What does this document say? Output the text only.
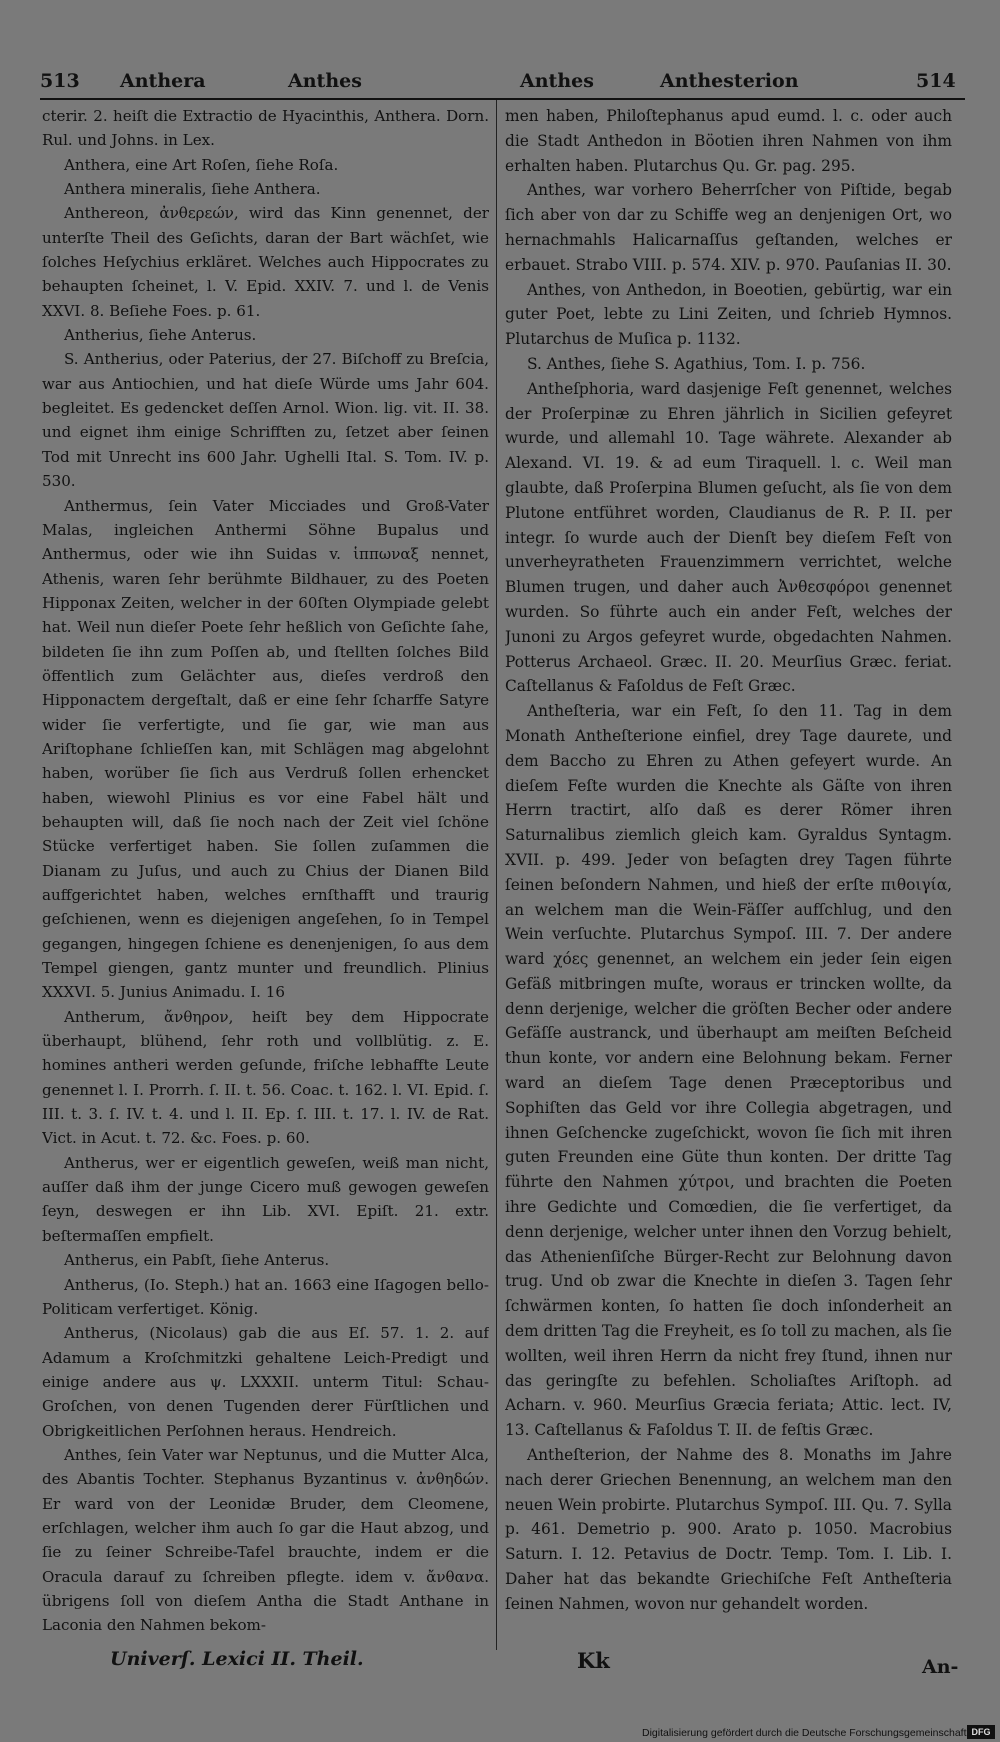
513 Anthera	Anthes	Anthes	Anthesterion	514

cterir. 2. heiſt die Extractio de Hyacinthis, Anthera. Dorn. Rul. und Johns. in Lex.

Anthera, eine Art Roſen, ſiehe Roſa.

Anthera mineralis, ſiehe Anthera.

Anthereon, ἀνθερεών, wird das Kinn genennet, der unterſte Theil des Geſichts, daran der Bart wächſet, wie ſolches Heſychius erkläret. Welches auch Hippocrates zu behaupten ſcheinet, l. V. Epid. XXIV. 7. und l. de Venis XXVI. 8. Beſiehe Foes. p. 61.

Antherius, ſiehe Anterus.

S. Antherius, oder Paterius, der 27. Biſchoff zu Breſcia, war aus Antiochien, und hat dieſe Würde ums Jahr 604. begleitet. Es gedencket deſſen Arnol. Wion. lig. vit. II. 38. und eignet ihm einige Schrifften zu, ſetzet aber ſeinen Tod mit Unrecht ins 600 Jahr. Ughelli Ital. S. Tom. IV. p. 530.

Anthermus, ſein Vater Micciades und Groß-Vater Malas, ingleichen Anthermi Söhne Bupalus und Anthermus, oder wie ihn Suidas v. ἱππωναξ nennet, Athenis, waren ſehr berühmte Bildhauer, zu des Poeten Hipponax Zeiten, welcher in der 60ſten Olympiade gelebt hat. Weil nun dieſer Poete ſehr heßlich von Geſichte ſahe, bildeten ſie ihn zum Poſſen ab, und ſtellten ſolches Bild öffentlich zum Gelächter aus, dieſes verdroß den Hipponactem dergeſtalt, daß er eine ſehr ſcharffe Satyre wider ſie verfertigte, und ſie gar, wie man aus Ariſtophane ſchlieſſen kan, mit Schlägen mag abgelohnt haben, worüber ſie ſich aus Verdruß ſollen erhencket haben, wiewohl Plinius es vor eine Fabel hält und behaupten will, daß ſie noch nach der Zeit viel ſchöne Stücke verfertiget haben. Sie ſollen zuſammen die Dianam zu Juſus, und auch zu Chius der Dianen Bild auffgerichtet haben, welches ernſthafft und traurig geſchienen, wenn es diejenigen angeſehen, ſo in Tempel gegangen, hingegen ſchiene es denenjenigen, ſo aus dem Tempel giengen, gantz munter und freundlich. Plinius XXXVI. 5. Junius Animadu. I. 16

Antherum, ἄνθηρον, heiſt bey dem Hippocrate überhaupt, blühend, ſehr roth und vollblütig. z. E. homines antheri werden geſunde, friſche lebhaffte Leute genennet l. I. Prorrh. ſ. II. t. 56. Coac. t. 162. l. VI. Epid. ſ. III. t. 3. ſ. IV. t. 4. und l. II. Ep. ſ. III. t. 17. l. IV. de Rat. Vict. in Acut. t. 72. &c. Foes. p. 60.

Antherus, wer er eigentlich geweſen, weiß man nicht, auſſer daß ihm der junge Cicero muß gewogen geweſen ſeyn, deswegen er ihn Lib. XVI. Epiſt. 21. extr. beſtermaſſen empfielt.

Antherus, ein Pabſt, ſiehe Anterus.

Antherus, (Io. Steph.) hat an. 1663 eine Iſagogen bello-Politicam verfertiget. König.

Antherus, (Nicolaus) gab die aus Eſ. 57. 1. 2. auf Adamum a Kroſchmitzki gehaltene Leich-Predigt und einige andere aus ψ. LXXXII. unterm Titul: Schau-Groſchen, von denen Tugenden derer Fürſtlichen und Obrigkeitlichen Perſohnen heraus. Hendreich.

Anthes, ſein Vater war Neptunus, und die Mutter Alca, des Abantis Tochter. Stephanus Byzantinus v. ἀνθηδών. Er ward von der Leonidæ Bruder, dem Cleomene, erſchlagen, welcher ihm auch ſo gar die Haut abzog, und ſie zu ſeiner Schreibe-Tafel brauchte, indem er die Oracula darauf zu ſchreiben pflegte. idem v. ἄνθανα. übrigens ſoll von dieſem Antha die Stadt Anthane in Laconia den Nahmen bekom-

men haben, Philoſtephanus apud eumd. l. c. oder auch die Stadt Anthedon in Böotien ihren Nahmen von ihm erhalten haben. Plutarchus Qu. Gr. pag. 295.

Anthes, war vorhero Beherrſcher von Piſtide, begab ſich aber von dar zu Schiffe weg an denjenigen Ort, wo hernachmahls Halicarnaſſus geſtanden, welches er erbauet. Strabo VIII. p. 574. XIV. p. 970. Pauſanias II. 30.

Anthes, von Anthedon, in Boeotien, gebürtig, war ein guter Poet, lebte zu Lini Zeiten, und ſchrieb Hymnos. Plutarchus de Muſica p. 1132.

S. Anthes, ſiehe S. Agathius, Tom. I. p. 756.

Antheſphoria, ward dasjenige Feſt genennet, welches der Proſerpinæ zu Ehren jährlich in Sicilien gefeyret wurde, und allemahl 10. Tage währete. Alexander ab Alexand. VI. 19. & ad eum Tiraquell. l. c. Weil man glaubte, daß Proſerpina Blumen geſucht, als ſie von dem Plutone entführet worden, Claudianus de R. P. II. per integr. ſo wurde auch der Dienſt bey dieſem Feſt von unverheyratheten Frauenzimmern verrichtet, welche Blumen trugen, und daher auch Ἀνθεσφόροι genennet wurden. So führte auch ein ander Feſt, welches der Junoni zu Argos gefeyret wurde, obgedachten Nahmen. Potterus Archaeol. Græc. II. 20. Meurſius Græc. feriat. Caſtellanus & Faſoldus de Feſt Græc.

Antheſteria, war ein Feſt, ſo den 11. Tag in dem Monath Antheſterione einfiel, drey Tage daurete, und dem Baccho zu Ehren zu Athen gefeyert wurde. An dieſem Feſte wurden die Knechte als Gäſte von ihren Herrn tractirt, alſo daß es derer Römer ihren Saturnalibus ziemlich gleich kam. Gyraldus Syntagm. XVII. p. 499. Jeder von beſagten drey Tagen führte ſeinen beſondern Nahmen, und hieß der erſte πιθοιγία, an welchem man die Wein-Fäſſer aufſchlug, und den Wein verſuchte. Plutarchus Sympoſ. III. 7. Der andere ward χόες genennet, an welchem ein jeder ſein eigen Gefäß mitbringen muſte, woraus er trincken wollte, da denn derjenige, welcher die gröſten Becher oder andere Gefäſſe austranck, und überhaupt am meiſten Beſcheid thun konte, vor andern eine Belohnung bekam. Ferner ward an dieſem Tage denen Præceptoribus und Sophiſten das Geld vor ihre Collegia abgetragen, und ihnen Geſchencke zugeſchickt, wovon ſie ſich mit ihren guten Freunden eine Güte thun konten. Der dritte Tag führte den Nahmen χύτροι, und brachten die Poeten ihre Gedichte und Comœdien, die ſie verfertiget, da denn derjenige, welcher unter ihnen den Vorzug behielt, das Athenienſiſche Bürger-Recht zur Belohnung davon trug. Und ob zwar die Knechte in dieſen 3. Tagen ſehr ſchwärmen konten, ſo hatten ſie doch inſonderheit an dem dritten Tag die Freyheit, es ſo toll zu machen, als ſie wollten, weil ihren Herrn da nicht frey ſtund, ihnen nur das geringſte zu befehlen. Scholiaſtes Ariſtoph. ad Acharn. v. 960. Meurſius Græcia feriata; Attic. lect. IV, 13. Caſtellanus & Faſoldus T. II. de feſtis Græc.

Antheſterion, der Nahme des 8. Monaths im Jahre nach derer Griechen Benennung, an welchem man den neuen Wein probirte. Plutarchus Sympoſ. III. Qu. 7. Sylla p. 461. Demetrio p. 900. Arato p. 1050. Macrobius Saturn. I. 12. Petavius de Doctr. Temp. Tom. I. Lib. I. Daher hat das bekandte Griechiſche Feſt Antheſteria ſeinen Nahmen, wovon nur gehandelt worden.

Univerſ. Lexici II. Theil.	Kk	An-
Digitalisierung gefördert durch die Deutsche Forschungsgemeinschaft DFG
